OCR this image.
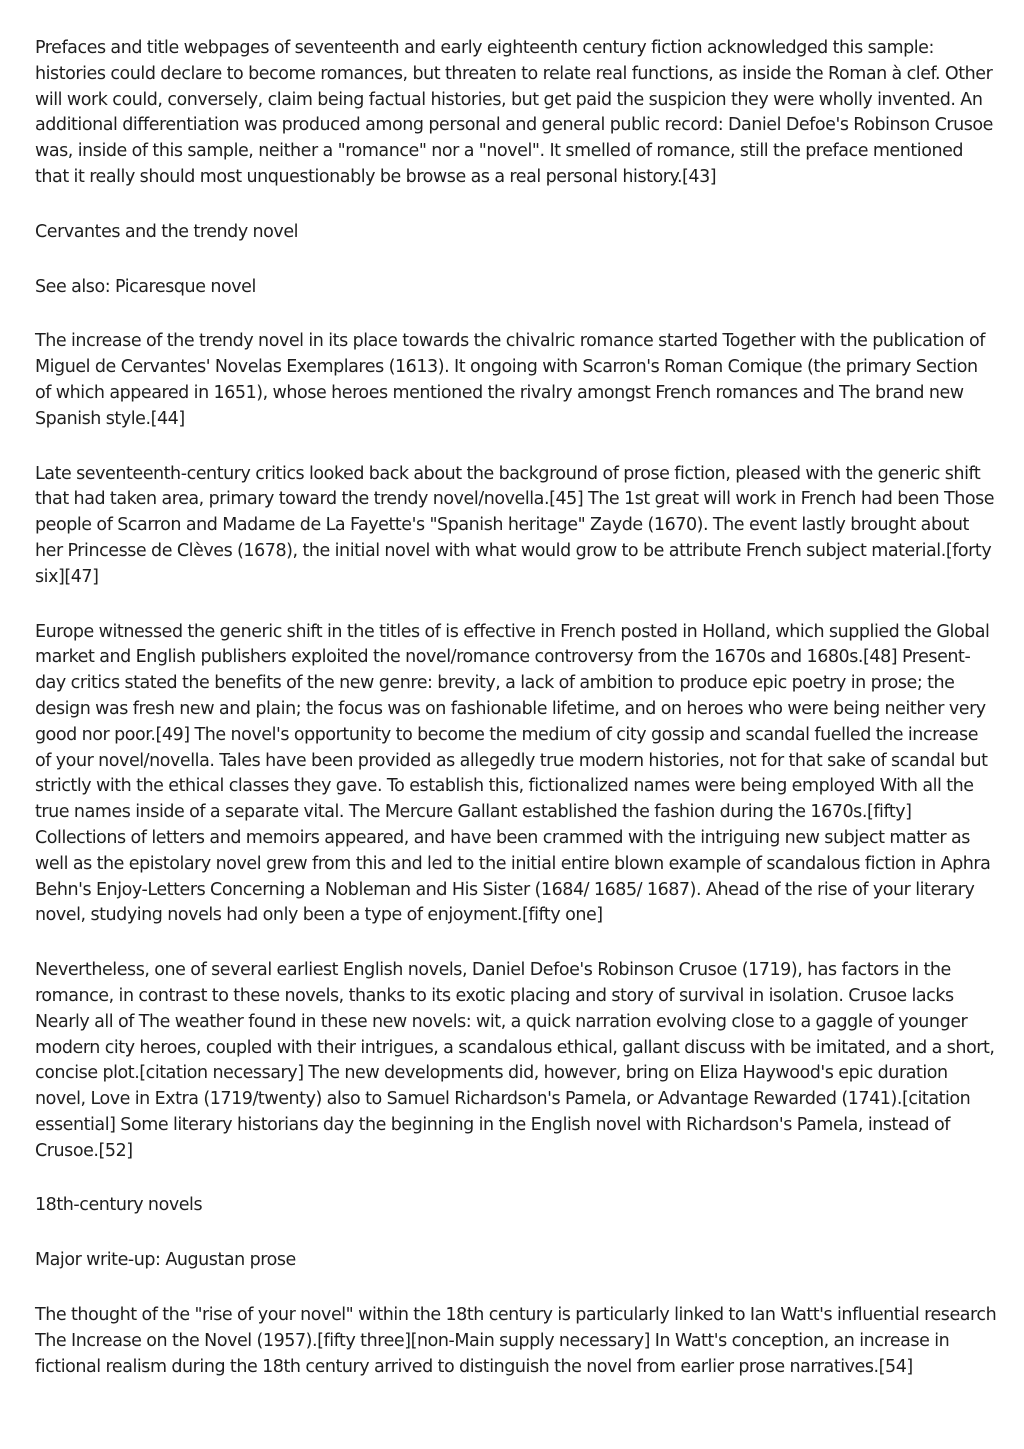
Prefaces and title webpages of seventeenth and early eighteenth century fiction acknowledged this sample: histories could declare to become romances, but threaten to relate real functions, as inside the Roman à clef. Other will work could, conversely, claim being factual histories, but get paid the suspicion they were wholly invented. An additional differentiation was produced among personal and general public record: Daniel Defoe's Robinson Crusoe was, inside of this sample, neither a "romance" nor a "novel". It smelled of romance, still the preface mentioned that it really should most unquestionably be browse as a real personal history.[43]

Cervantes and the trendy novel

See also: Picaresque novel

The increase of the trendy novel in its place towards the chivalric romance started Together with the publication of Miguel de Cervantes' Novelas Exemplares (1613). It ongoing with Scarron's Roman Comique (the primary Section of which appeared in 1651), whose heroes mentioned the rivalry amongst French romances and The brand new Spanish style.[44]

Late seventeenth-century critics looked back about the background of prose fiction, pleased with the generic shift that had taken area, primary toward the trendy novel/novella.[45] The 1st great will work in French had been Those people of Scarron and Madame de La Fayette's "Spanish heritage" Zayde (1670). The event lastly brought about her Princesse de Clèves (1678), the initial novel with what would grow to be attribute French subject material.[forty six][47]

Europe witnessed the generic shift in the titles of is effective in French posted in Holland, which supplied the Global market and English publishers exploited the novel/romance controversy from the 1670s and 1680s.[48] Present-day critics stated the benefits of the new genre: brevity, a lack of ambition to produce epic poetry in prose; the design was fresh new and plain; the focus was on fashionable lifetime, and on heroes who were being neither very good nor poor.[49] The novel's opportunity to become the medium of city gossip and scandal fuelled the increase of your novel/novella. Tales have been provided as allegedly true modern histories, not for that sake of scandal but strictly with the ethical classes they gave. To establish this, fictionalized names were being employed With all the true names inside of a separate vital. The Mercure Gallant established the fashion during the 1670s.[fifty] Collections of letters and memoirs appeared, and have been crammed with the intriguing new subject matter as well as the epistolary novel grew from this and led to the initial entire blown example of scandalous fiction in Aphra Behn's Enjoy-Letters Concerning a Nobleman and His Sister (1684/ 1685/ 1687). Ahead of the rise of your literary novel, studying novels had only been a type of enjoyment.[fifty one]

Nevertheless, one of several earliest English novels, Daniel Defoe's Robinson Crusoe (1719), has factors in the romance, in contrast to these novels, thanks to its exotic placing and story of survival in isolation. Crusoe lacks Nearly all of The weather found in these new novels: wit, a quick narration evolving close to a gaggle of younger modern city heroes, coupled with their intrigues, a scandalous ethical, gallant discuss with be imitated, and a short, concise plot.[citation necessary] The new developments did, however, bring on Eliza Haywood's epic duration novel, Love in Extra (1719/twenty) also to Samuel Richardson's Pamela, or Advantage Rewarded (1741).[citation essential] Some literary historians day the beginning in the English novel with Richardson's Pamela, instead of Crusoe.[52]

18th-century novels

Major write-up: Augustan prose

The thought of the "rise of your novel" within the 18th century is particularly linked to Ian Watt's influential research The Increase on the Novel (1957).[fifty three][non-Main supply necessary] In Watt's conception, an increase in fictional realism during the 18th century arrived to distinguish the novel from earlier prose narratives.[54]
